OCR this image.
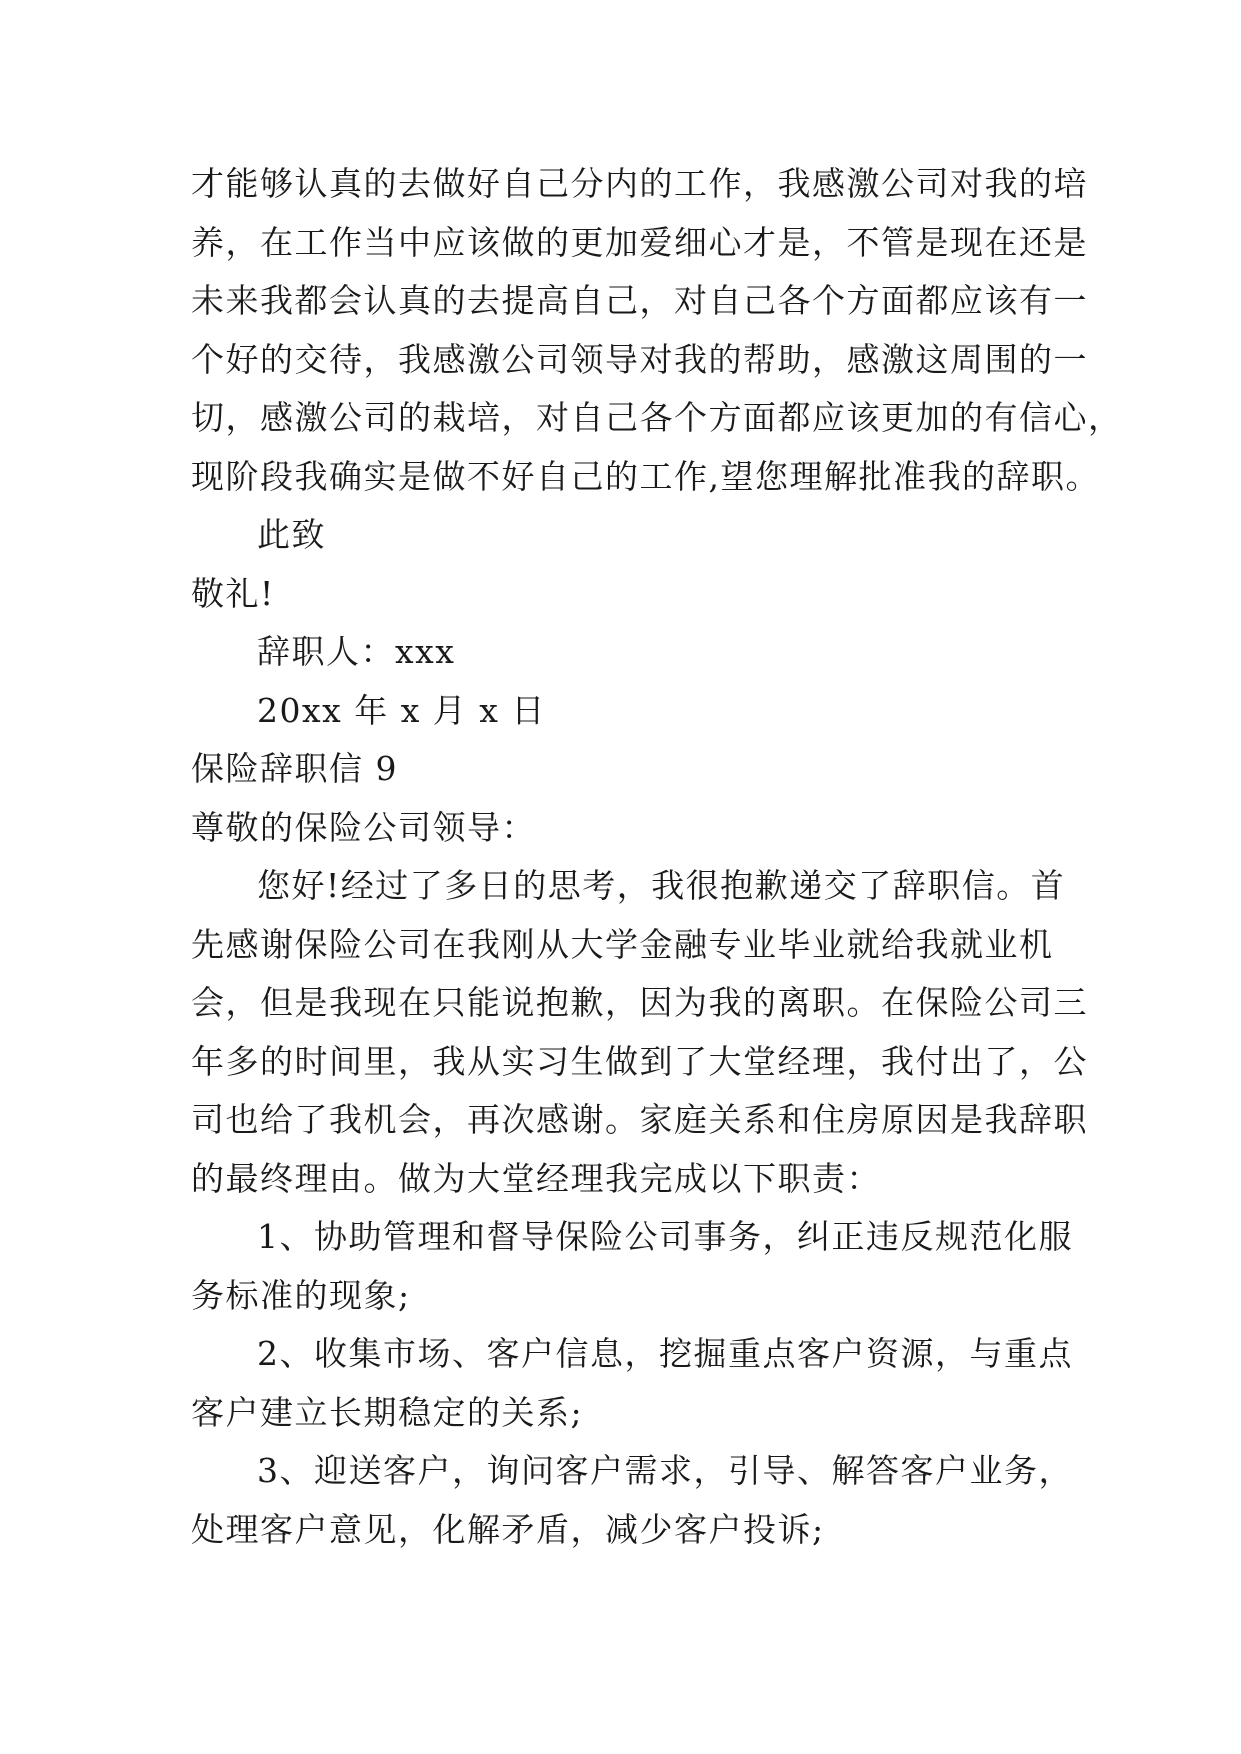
才能够认真的去做好自己分内的工作，我感激公司对我的培
养，在工作当中应该做的更加爱细心才是，不管是现在还是
未来我都会认真的去提高自己，对自己各个方面都应该有一
个好的交待，我感激公司领导对我的帮助，感激这周围的一
切，感激公司的栽培，对自己各个方面都应该更加的有信心，
现阶段我确实是做不好自己的工作,望您理解批准我的辞职。
此致
敬礼!
辞职人：xxx
20xx 年 x 月 x 日
保险辞职信 9
尊敬的保险公司领导：
您好!经过了多日的思考，我很抱歉递交了辞职信。首
先感谢保险公司在我刚从大学金融专业毕业就给我就业机
会，但是我现在只能说抱歉，因为我的离职。在保险公司三
年多的时间里，我从实习生做到了大堂经理，我付出了，公
司也给了我机会，再次感谢。家庭关系和住房原因是我辞职
的最终理由。做为大堂经理我完成以下职责：
1、协助管理和督导保险公司事务，纠正违反规范化服
务标准的现象;
2、收集市场、客户信息，挖掘重点客户资源，与重点
客户建立长期稳定的关系;
3、迎送客户，询问客户需求，引导、解答客户业务，
处理客户意见，化解矛盾，减少客户投诉;
